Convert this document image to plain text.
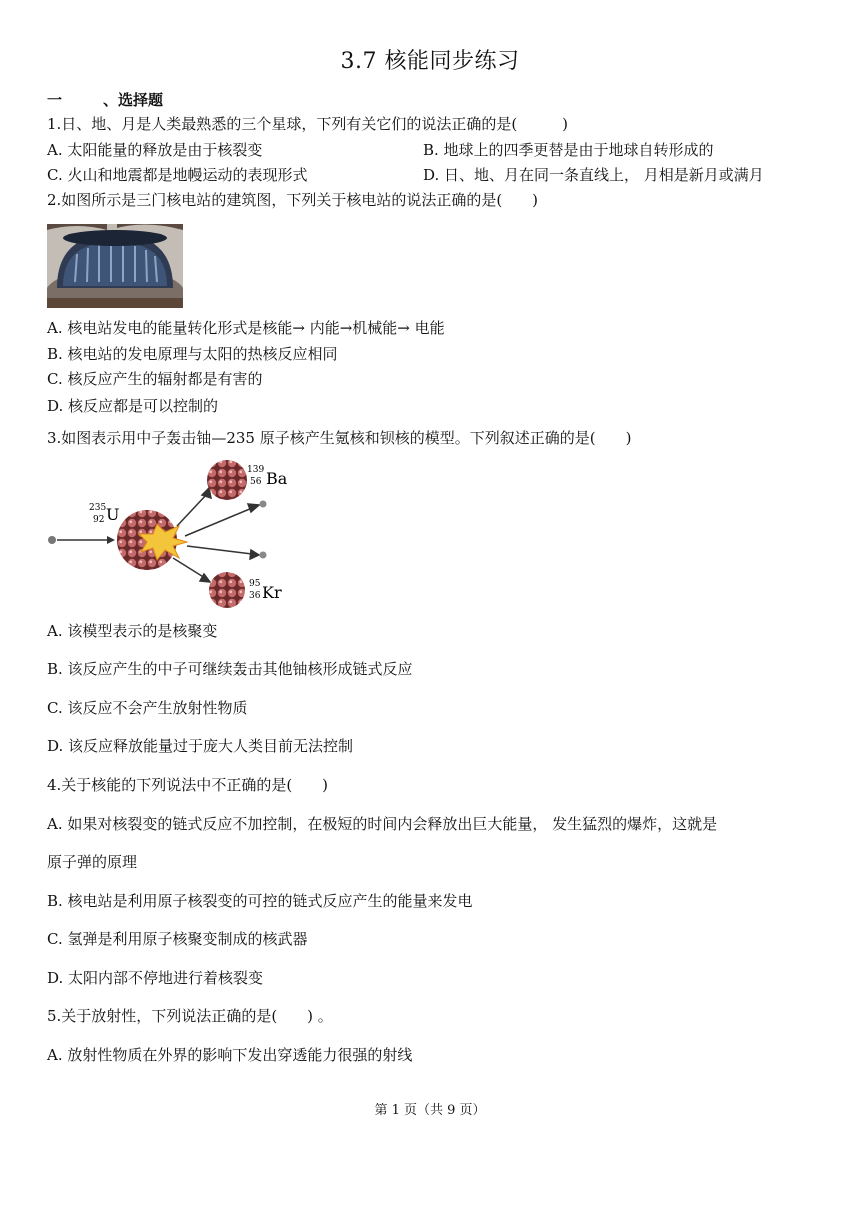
3.7 核能同步练习
一	、选择题
1.日、地、月是人类最熟悉的三个星球，下列有关它们的说法正确的是(　　　)
A. 太阳能量的释放是由于核裂变	B. 地球上的四季更替是由于地球自转形成的
C. 火山和地震都是地幔运动的表现形式	D. 日、地、月在同一条直线上， 月相是新月或满月
2.如图所示是三门核电站的建筑图，下列关于核电站的说法正确的是(　　)
A. 核电站发电的能量转化形式是核能→ 内能→机械能→ 电能
B. 核电站的发电原理与太阳的热核反应相同
C. 核反应产生的辐射都是有害的
D. 核反应都是可以控制的
3.如图表示用中子轰击铀—235 原子核产生氪核和钡核的模型。下列叙述正确的是(　　)
235
92 U
139
56 Ba
95
36 Kr
A. 该模型表示的是核聚变
B. 该反应产生的中子可继续轰击其他铀核形成链式反应
C. 该反应不会产生放射性物质
D. 该反应释放能量过于庞大人类目前无法控制
4.关于核能的下列说法中不正确的是(　　)
A. 如果对核裂变的链式反应不加控制，在极短的时间内会释放出巨大能量， 发生猛烈的爆炸，这就是
原子弹的原理
B. 核电站是利用原子核裂变的可控的链式反应产生的能量来发电
C. 氢弹是利用原子核聚变制成的核武器
D. 太阳内部不停地进行着核裂变
5.关于放射性，下列说法正确的是(　　) 。
A. 放射性物质在外界的影响下发出穿透能力很强的射线
第 1 页（共 9 页）
